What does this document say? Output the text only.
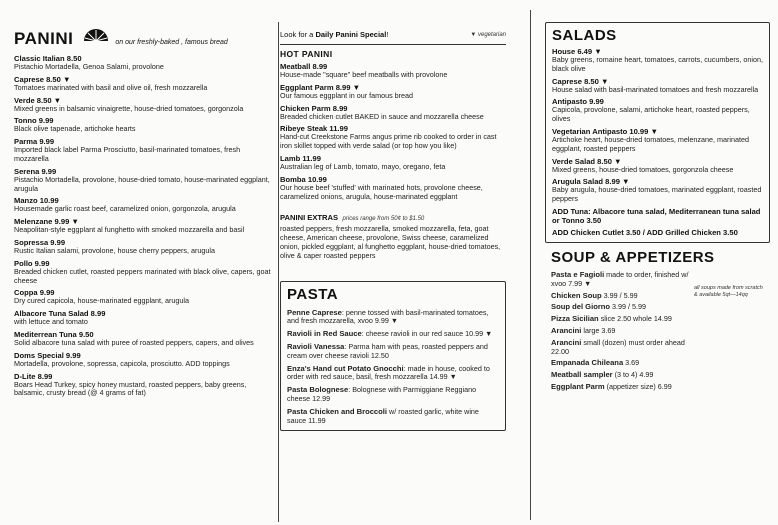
PANINI	on our freshly-baked , famous bread
Classic Italian 8.50
Pistachio Mortadella, Genoa Salami, provolone
Caprese 8.50 ▼
Tomatoes marinated with basil and olive oil, fresh mozzarella
Verde 8.50 ▼
Mixed greens in balsamic vinaigrette, house-dried tomatoes, gorgonzola
Tonno 9.99
Black olive tapenade, artichoke hearts
Parma 9.99
Imported black label Parma Prosciutto, basil-marinated tomatoes, fresh mozzarella
Serena 9.99
Pistachio Mortadella, provolone, house-dried tomato, house-marinated eggplant, arugula
Manzo 10.99
Housemade garlic roast beef, caramelized onion, gorgonzola, arugula
Melenzane 9.99 ▼
Neapolitan-style eggplant al funghetto with smoked mozzarella and basil
Sopressa 9.99
Rustic Italian salami, provolone, house cherry peppers, arugula
Pollo 9.99
Breaded chicken cutlet, roasted peppers marinated with black olive, capers, goat cheese
Coppa 9.99
Dry cured capicola, house-marinated eggplant, arugula
Albacore Tuna Salad 8.99
with lettuce and tomato
Mediterrean Tuna 9.50
Solid albacore tuna salad with puree of roasted peppers, capers, and olives
Doms Special 9.99
Mortadella, provolone, sopressa, capicola, prosciutto. ADD toppings
D-Lite 8.99
Boars Head Turkey, spicy honey mustard, roasted peppers, baby greens, balsamic, crusty bread (@ 4 grams of fat)
Look for a Daily Panini Special!	▼ vegetarian
HOT PANINI
Meatball 8.99
House-made "square" beef meatballs with provolone
Eggplant Parm 8.99 ▼
Our famous eggplant in our famous bread
Chicken Parm 8.99
Breaded chicken cutlet BAKED in sauce and mozzarella cheese
Ribeye Steak 11.99
Hand-cut Creekstone Farms angus prime rib cooked to order in cast iron skillet topped with verde salad (or top how you like)
Lamb 11.99
Australian leg of Lamb, tomato, mayo, oregano, feta
Bomba 10.99
Our house beef 'stuffed' with marinated hots, provolone cheese, caramelized onions, arugula, house-marinated eggplant
PANINI EXTRAS prices range from 50¢ to $1.50
roasted peppers, fresh mozzarella, smoked mozzarella, feta, goat cheese, American cheese, provolone, Swiss cheese, caramelized onion, pickled eggplant, al funghetto eggplant, house-dried tomatoes, olive & caper roasted peppers
PASTA
Penne Caprese: penne tossed with basil-marinated tomatoes, and fresh mozzarella, xvoo 9.99 ▼
Ravioli in Red Sauce: cheese ravioli in our red sauce 10.99 ▼
Ravioli Vanessa: Parma ham with peas, roasted peppers and cream over cheese ravioli 12.50
Enza's Hand cut Potato Gnocchi: made in house, cooked to order with red sauce, basil, fresh mozzarella 14.99 ▼
Pasta Bolognese: Bolognese with Parmiggiane Reggiano cheese 12.99
Pasta Chicken and Broccoli w/ roasted garlic, white wine sauce 11.99
SALADS
House 6.49 ▼
Baby greens, romaine heart, tomatoes, carrots, cucumbers, onion, black olive
Caprese 8.50 ▼
House salad with basil-marinated tomatoes and fresh mozzarella
Antipasto 9.99
Capicola, provolone, salami, artichoke heart, roasted peppers, olives
Vegetarian Antipasto 10.99 ▼
Artichoke heart, house-dried tomatoes, melenzane, marinated eggplant, roasted peppers
Verde Salad 8.50 ▼
Mixed greens, house-dried tomatoes, gorgonzola cheese
Arugula Salad 8.99 ▼
Baby arugula, house-dried tomatoes, marinated eggplant, roasted peppers
ADD Tuna: Albacore tuna salad, Mediterranean tuna salad or Tonno 3.50
ADD Chicken Cutlet 3.50 / ADD Grilled Chicken 3.50
SOUP & APPETIZERS
all soups made from scratch & available 5qt—14qq
Pasta e Fagioli made to order, finished w/ xvoo 7.99 ▼
Chicken Soup 3.99 / 5.99
Soup del Giorno 3.99 / 5.99
Pizza Sicilian slice 2.50 whole 14.99
Arancini large 3.69
Arancini small (dozen) must order ahead 22.00
Empanada Chileana 3.69
Meatball sampler (3 to 4) 4.99
Eggplant Parm (appetizer size) 6.99
